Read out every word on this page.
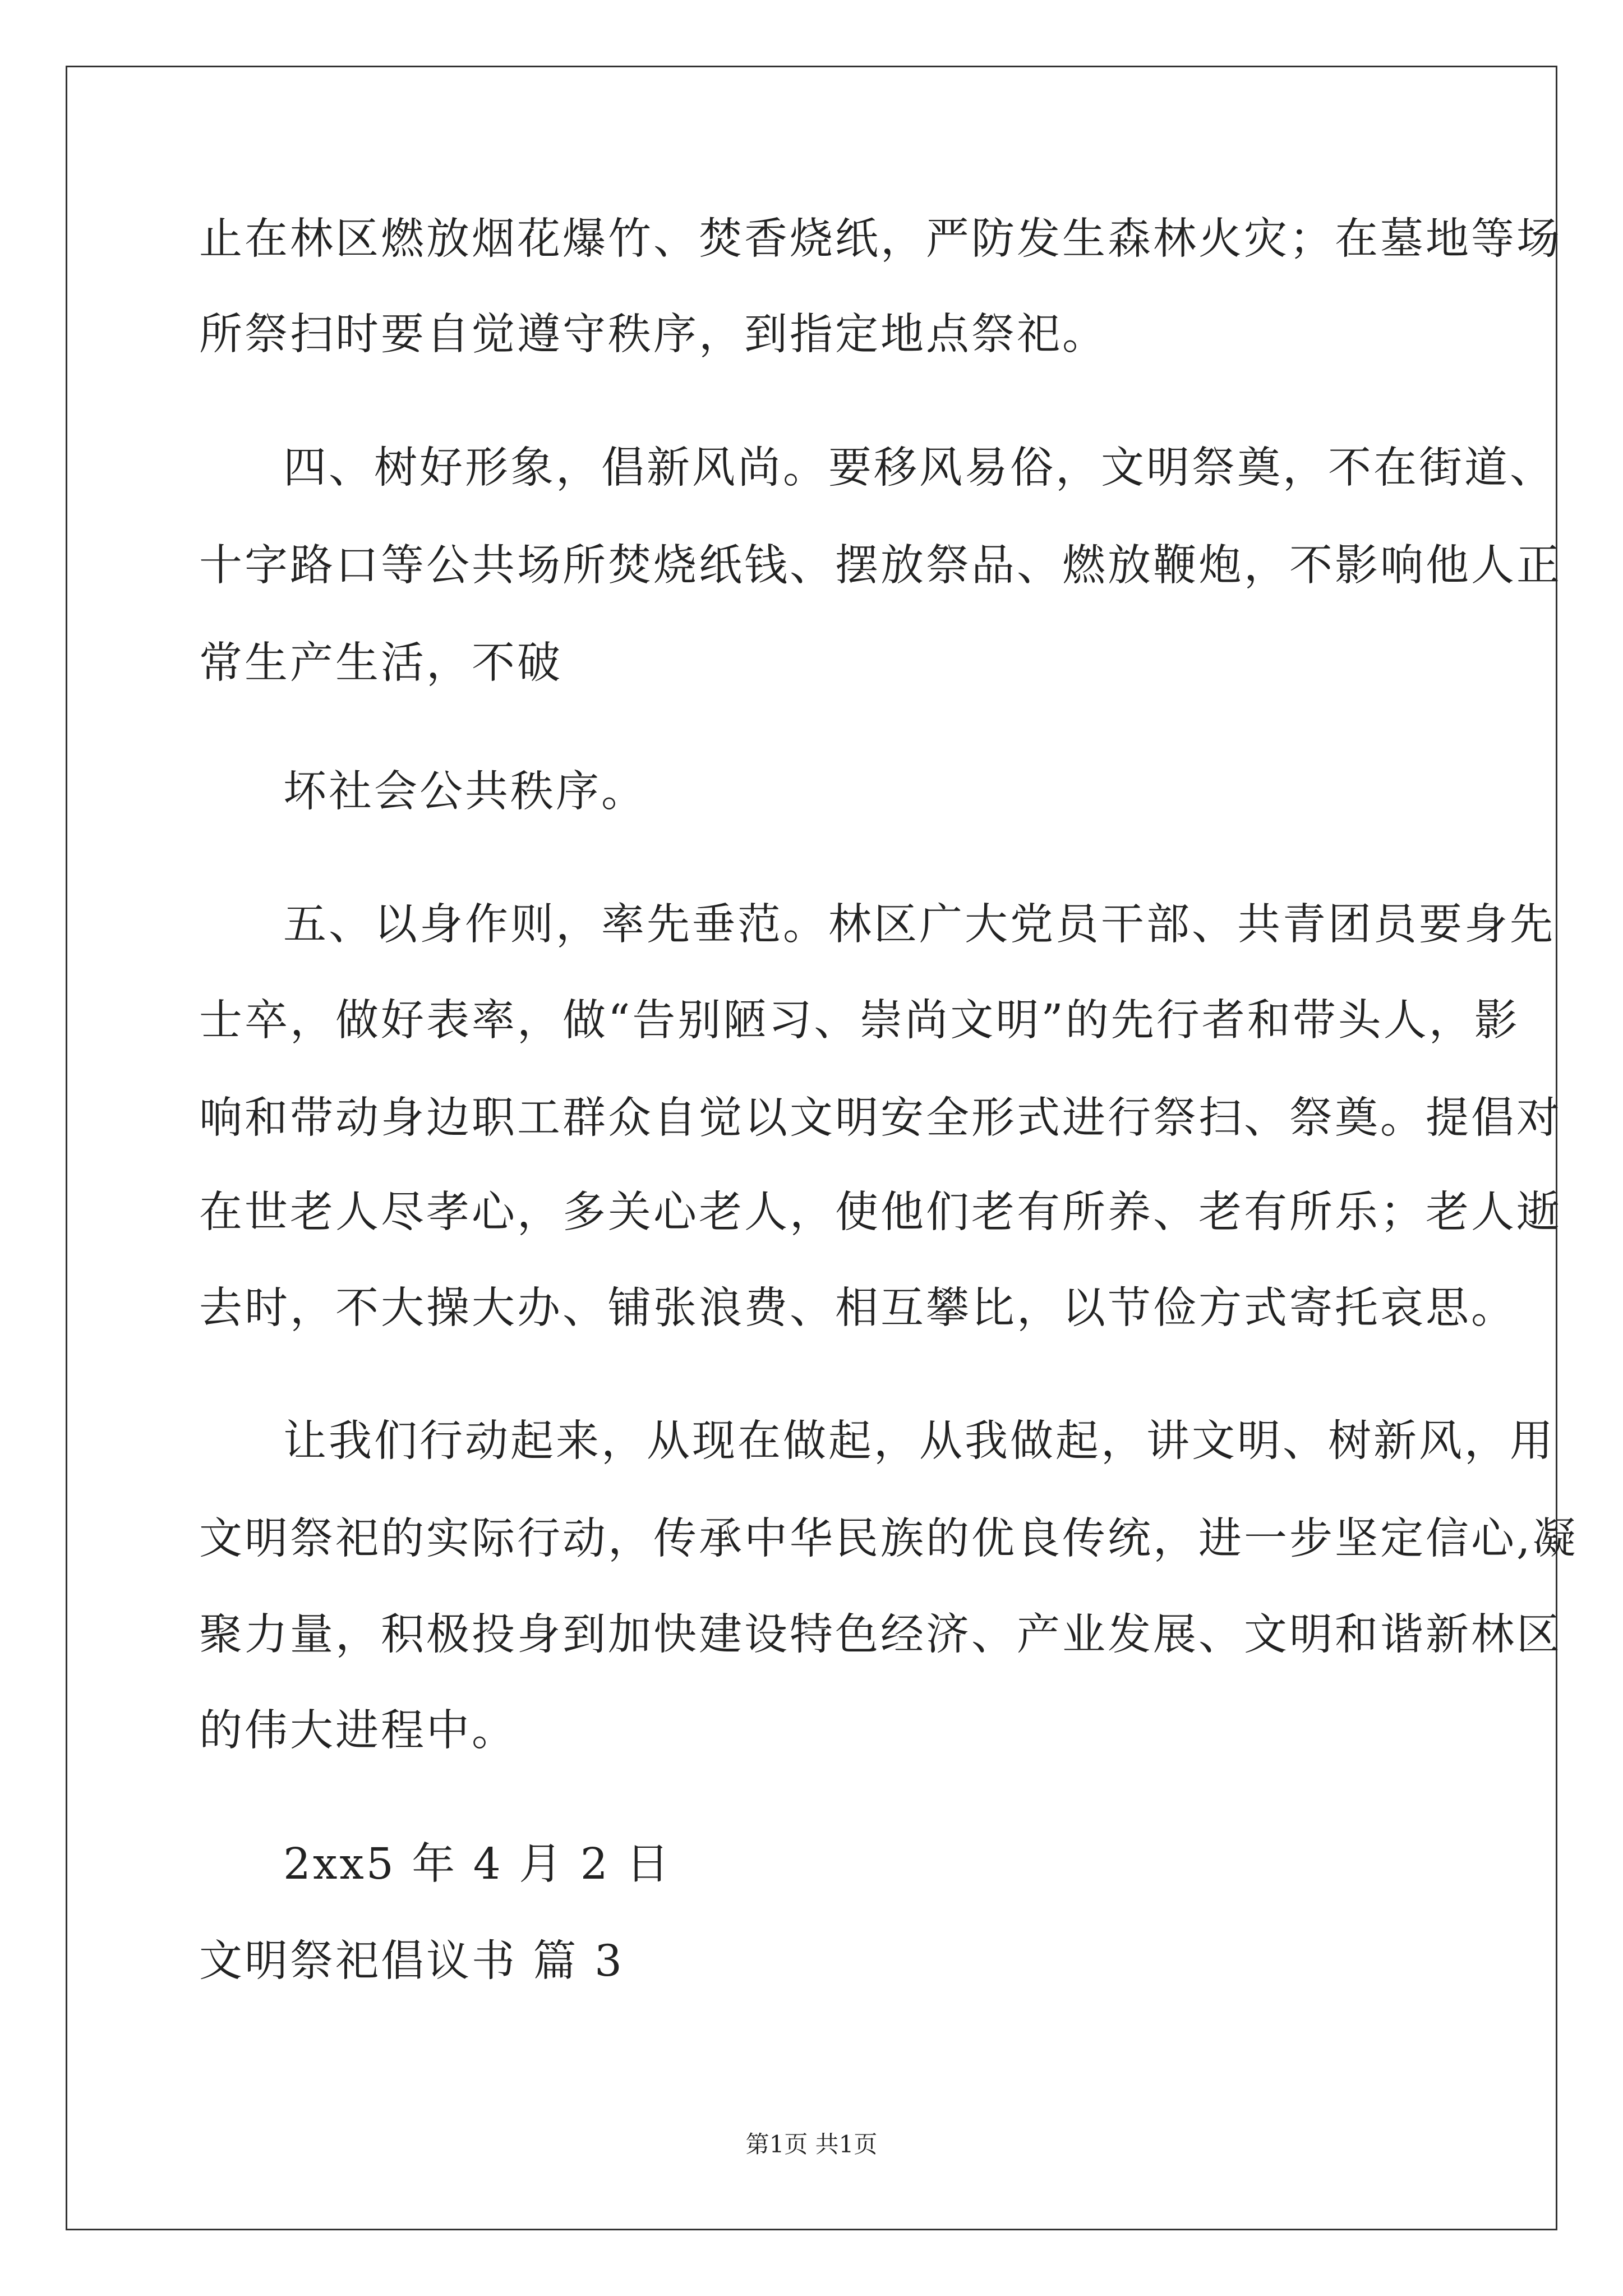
止在林区燃放烟花爆竹、焚香烧纸，严防发生森林火灾；在墓地等场
所祭扫时要自觉遵守秩序，到指定地点祭祀。
四、树好形象，倡新风尚。要移风易俗，文明祭奠，不在街道、
十字路口等公共场所焚烧纸钱、摆放祭品、燃放鞭炮，不影响他人正
常生产生活，不破
坏社会公共秩序。
五、以身作则，率先垂范。林区广大党员干部、共青团员要身先
士卒，做好表率，做“告别陋习、崇尚文明”的先行者和带头人，影
响和带动身边职工群众自觉以文明安全形式进行祭扫、祭奠。提倡对
在世老人尽孝心，多关心老人，使他们老有所养、老有所乐；老人逝
去时，不大操大办、铺张浪费、相互攀比，以节俭方式寄托哀思。
让我们行动起来，从现在做起，从我做起，讲文明、树新风，用
文明祭祀的实际行动，传承中华民族的优良传统，进一步坚定信心,凝
聚力量，积极投身到加快建设特色经济、产业发展、文明和谐新林区
的伟大进程中。
2xx5 年 4 月 2 日
文明祭祀倡议书 篇 3
第1页 共1页
